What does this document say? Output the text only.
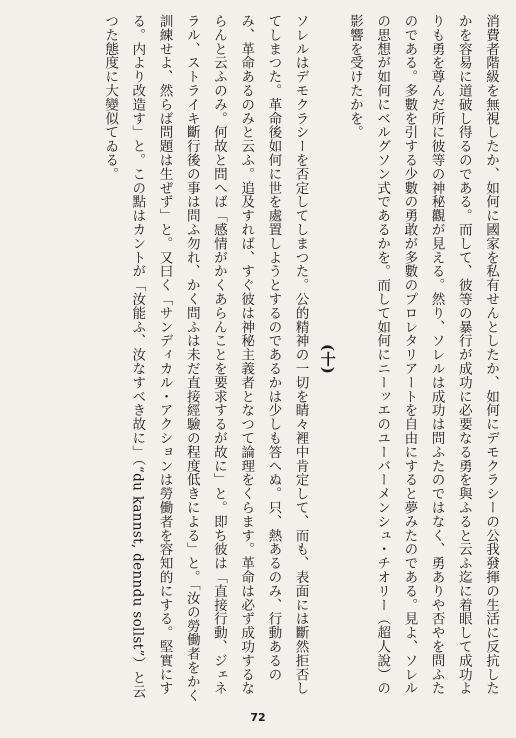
消費者階級を無視したか、如何に國家を私有せんとしたか、如何にデモクラシーの公我發揮の生活に反抗したかを容易に道破し得るのである。而して、彼等の暴行が成功に必要なる勇を與ふると云ふ迄に着眼して成功よりも勇を尊んだ所に彼等の神秘觀が見える。然り、ソレルは成功は問ふたのではなく、勇ありや否やを問ふたのである。多數を引する少數の勇敢が多數のプロレタリアートを自由にすると夢みたのである。見よ、ソレルの思想が如何にベルグソン式であるかを。而して如何にニーッエのユーバーメンシュ・チオリー（超人說）の影響を受けたかを。

(十)

ソレルはデモクラシーを否定してしまつた。公的精神の一切を睛々裡中肯定して、而も、表面には斷然拒否してしまつた。革命後如何に世を處置しようとするのであるかは少しも答へぬ。只、熱あるのみ、行動あるのみ、革命あるのみと云ふ。追及すれば、すぐ彼は神秘主義者となつて論理をくらます。革命は必ず成功するならんと云ふのみ。何故と問へば「感情がかくあらんことを要求するが故に」と。即ち彼は「直接行動、ジェネラル、ストライキ斷行後の事は問ふ勿れ、かく問ふは未だ直接經驗の程度低きによる」と。「汝の勞働者をかく訓練せよ、然らば問題は生ぜず」と。又曰く「サンディカル・アクションは勞働者を容知的にする。堅實にする。内より改造す」と。この點はカントが「汝能ふ、汝なすべき故に」（“du kannst, denndu sollst”）と云つた態度に大變似てゐる。

72
